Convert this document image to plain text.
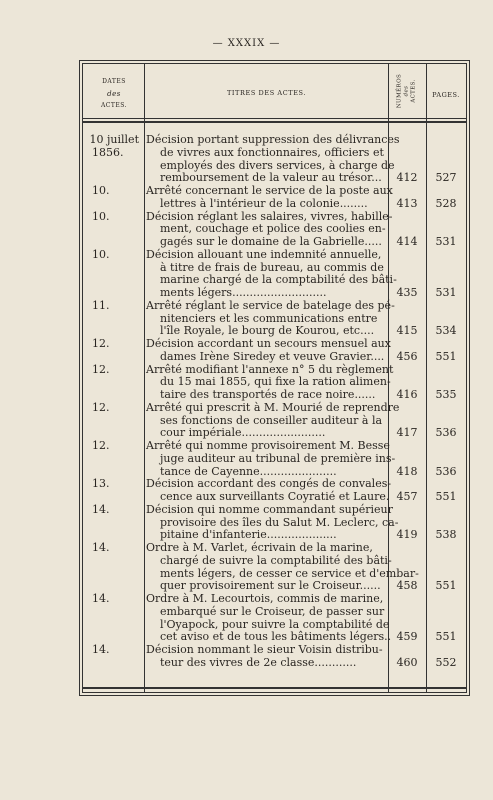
— XXXIX —
DATES
des
ACTES.
TITRES DES ACTES.	NUMÉROS des ACTES.	PAGES.
10 juillet
1856.
Décision portant suppression des délivrances
de vivres aux fonctionnaires, officiers et
employés des divers services, à charge de
remboursement de la valeur au trésor...	412	527
10.	Arrêté concernant le service de la poste aux
lettres à l'intérieur de la colonie........	413	528
10.	Décision réglant les salaires, vivres, habille-
ment, couchage et police des coolies en-
gagés sur le domaine de la Gabrielle.....	414	531
10.	Décision allouant une indemnité annuelle,
à titre de frais de bureau, au commis de
marine chargé de la comptabilité des bâti-
ments légers...........................	435	531
11.	Arrêté réglant le service de batelage des pé-
nitenciers et les communications entre
l'île Royale, le bourg de Kourou, etc....	415	534
12.	Décision accordant un secours mensuel aux
dames Irène Siredey et veuve Gravier....	456	551
12.	Arrêté modifiant l'annexe n° 5 du règlement
du 15 mai 1855, qui fixe la ration alimen-
taire des transportés de race noire......	416	535
12.	Arrêté qui prescrit à M. Mourié de reprendre
ses fonctions de conseiller auditeur à la
cour impériale........................	417	536
12.	Arrêté qui nomme provisoirement M. Besse
juge auditeur au tribunal de première ins-
tance de Cayenne......................	418	536
13.	Décision accordant des congés de convales-
cence aux surveillants Coyratié et Laure. 457	551
14.	Décision qui nomme commandant supérieur
provisoire des îles du Salut M. Leclerc, ca-
pitaine d'infanterie....................	419	538
14.	Ordre à M. Varlet, écrivain de la marine,
chargé de suivre la comptabilité des bâti-
ments légers, de cesser ce service et d'embar-
quer provisoirement sur le Croiseur......	458	551
14.	Ordre à M. Lecourtois, commis de marine,
embarqué sur le Croiseur, de passer sur
l'Oyapock, pour suivre la comptabilité de
cet aviso et de tous les bâtiments légers.. 459	551
14.	Décision nommant le sieur Voisin distribu-
teur des vivres de 2e classe............	460	552
